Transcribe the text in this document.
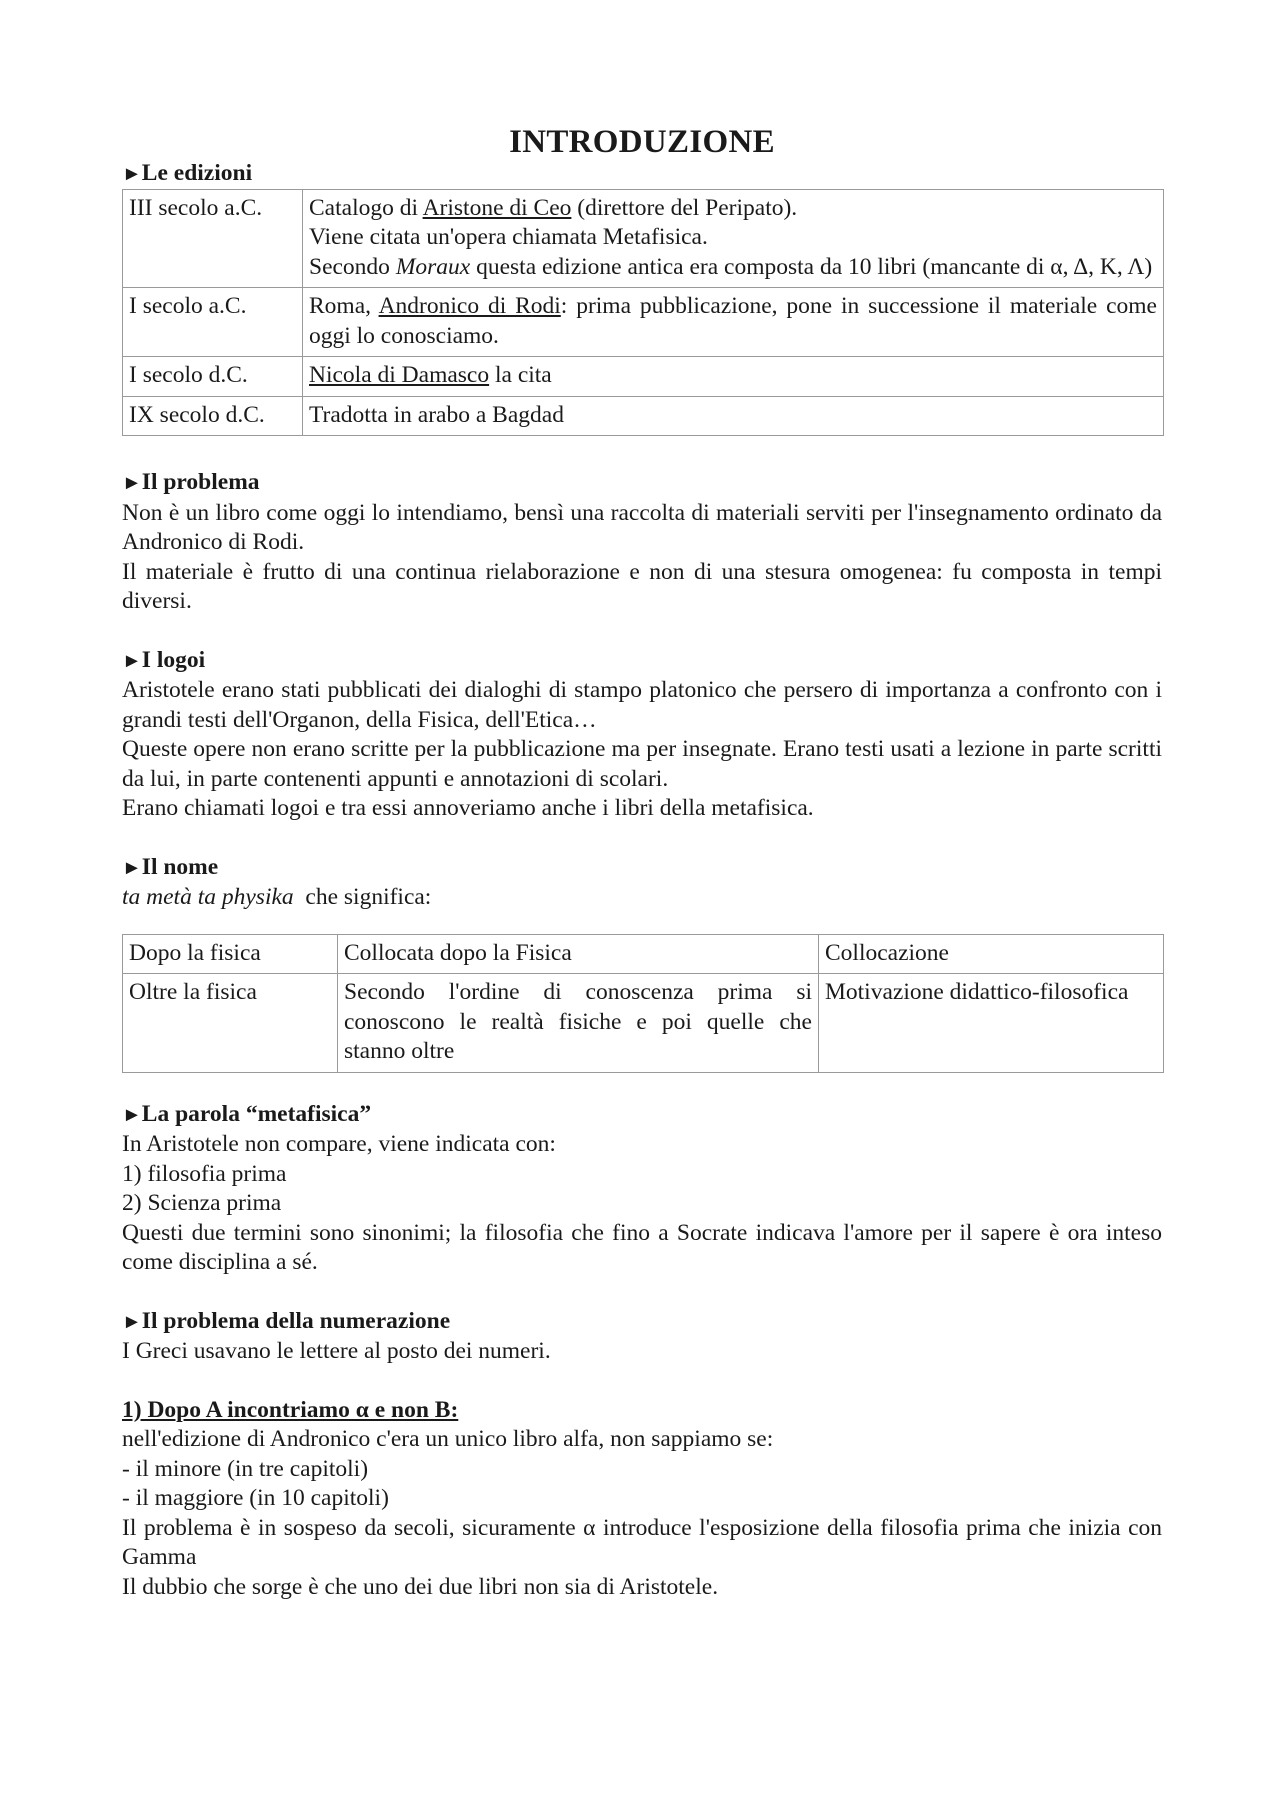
INTRODUZIONE
►Le edizioni
III secolo a.C.	Catalogo di Aristone di Ceo (direttore del Peripato).
Viene citata un'opera chiamata Metafisica.
Secondo Moraux questa edizione antica era composta da 10 libri (mancante di α, Δ, Κ, Λ)
I secolo a.C.	Roma, Andronico di Rodi: prima pubblicazione, pone in successione il materiale come oggi lo conosciamo.
I secolo d.C.	Nicola di Damasco la cita
IX secolo d.C.	Tradotta in arabo a Bagdad
►Il problema

Non è un libro come oggi lo intendiamo, bensì una raccolta di materiali serviti per l'insegnamento ordinato da Andronico di Rodi.

Il materiale è frutto di una continua rielaborazione e non di una stesura omogenea: fu composta in tempi diversi.

►I logoi

Aristotele erano stati pubblicati dei dialoghi di stampo platonico che persero di importanza a confronto con i grandi testi dell'Organon, della Fisica, dell'Etica…

Queste opere non erano scritte per la pubblicazione ma per insegnate. Erano testi usati a lezione in parte scritti da lui, in parte contenenti appunti e annotazioni di scolari.

Erano chiamati logoi e tra essi annoveriamo anche i libri della metafisica.

►Il nome

ta metà ta physika  che significa:

Dopo la fisica	Collocata dopo la Fisica	Collocazione
Oltre la fisica	Secondo l'ordine di conoscenza prima si conoscono le realtà fisiche e poi quelle che stanno oltre	Motivazione didattico-filosofica
►La parola “metafisica”

In Aristotele non compare, viene indicata con:

1) filosofia prima

2) Scienza prima

Questi due termini sono sinonimi; la filosofia che fino a Socrate indicava l'amore per il sapere è ora inteso come disciplina a sé.

►Il problema della numerazione

I Greci usavano le lettere al posto dei numeri.

1) Dopo A incontriamo α e non B:

nell'edizione di Andronico c'era un unico libro alfa, non sappiamo se:

- il minore (in tre capitoli)

- il maggiore (in 10 capitoli)

Il problema è in sospeso da secoli, sicuramente α introduce l'esposizione della filosofia prima che inizia con Gamma

Il dubbio che sorge è che uno dei due libri non sia di Aristotele.
